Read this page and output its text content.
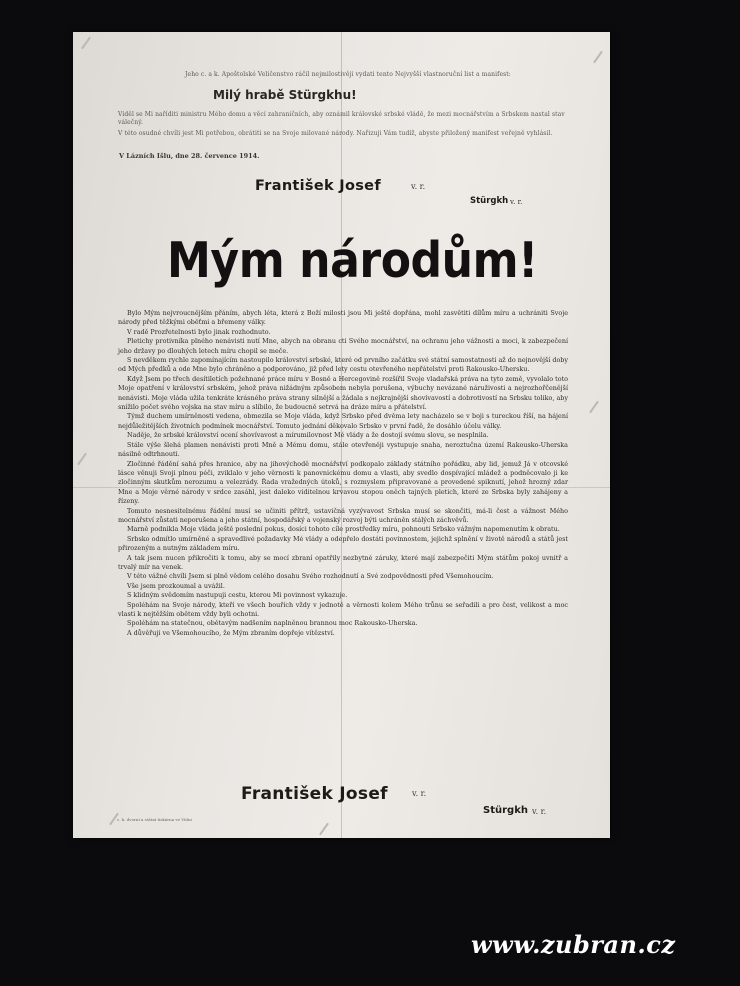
Jeho c. a k. Apoštolské Veličenstvo ráčil nejmilostivěji vydati tento Nejvyšší vlastnoruční list a manifest:
Milý hrabě Stürgkhu!
Viděl se Mi naříditi ministru Mého domu a věcí zahraničních, aby oznámil královské srbské vládě, že mezi mocnářstvím a Srbskem nastal stav válečný.
V této osudné chvíli jest Mi potřebou, obrátiti se na Svoje milované národy. Nařizuji Vám tudíž, abyste přiložený manifest veřejně vyhlásil.
V Lázních Išlu, dne 28. července 1914.
František Josef	v. r.
Stürgkh v. r.
Mým národům!

Bylo Mým nejvroucnějším přáním, abych léta, která z Boží milosti jsou Mi ještě dopřána, mohl zasvětiti dílům míru a uchrániti Svoje národy před těžkými oběťmi a břemeny války.

V radě Prozřetelnosti bylo jinak rozhodnuto.

Pletichy protivníka plného nenávisti nutí Mne, abych na obranu cti Svého mocnářství, na ochranu jeho vážnosti a moci, k zabezpečení jeho državy po dlouhých letech míru chopil se meče.

S nevděkem rychle zapomínajícím nastoupilo království srbské, které od prvního začátku své státní samostatnosti až do nejnovější doby od Mých předků a ode Mne bylo chráněno a podporováno, již před lety cestu otevřeného nepřátelství proti Rakousko-Uhersku.

Když Jsem po třech desítiletích požehnané práce míru v Bosně a Hercegovině rozšířil Svoje vladařská práva na tyto země, vyvolalo toto Moje opatření v království srbském, jehož práva nižádným způsobem nebyla porušena, výbuchy nevázané náruživosti a nejrozhořčenější nenávisti. Moje vláda užila tenkráte krásného práva strany silnější a žádala s nejkrajnější shovívavostí a dobrotivostí na Srbsku toliko, aby snížilo počet svého vojska na stav míru a slíbilo, že budoucně setrvá na dráze míru a přátelství.

Týmž duchem umírněnosti vedena, obmezila se Moje vláda, když Srbsko před dvěma lety nacházelo se v boji s tureckou říší, na hájení nejdůležitějších životních podmínek mocnářství. Tomuto jednání děkovalo Srbsko v první řadě, že dosáhlo účelu války.

Naděje, že srbské království ocení shovívavost a mírumilovnost Mé vlády a že dostojí svému slovu, se nesplnila.

Stále výše šlehá plamen nenávisti proti Mně a Mému domu, stále otevřeněji vystupuje snaha, neroztučna území Rakousko-Uherska násilně odtrhnouti.

Zločinné řádění sahá přes hranice, aby na jihovýchodě mocnářství podkopalo základy státního pořádku, aby lid, jemuž Já v otcovské lásce věnuji Svoji plnou péči, zviklalo v jeho věrnosti k panovnickému domu a vlasti, aby svedlo dospívající mládež a podněcovalo ji ke zločinným skutkům nerozumu a velezrády. Řada vražedných útoků, s rozmyslem připravované a provedené spiknutí, jehož hrozný zdar Mne a Moje věrné národy v srdce zasáhl, jest daleko viditelnou krvavou stopou oněch tajných pletich, které ze Srbska byly zahájeny a řízeny.

Tomuto nesnesitelnému řádění musí se učiniti přítrž, ustavičná vyzývavost Srbska musí se skončiti, má-li čest a vážnost Mého mocnářství zůstati neporušena a jeho státní, hospodářský a vojenský rozvoj býti uchráněn stálých záchvěvů.

Marně podnikla Moje vláda ještě poslední pokus, dosíci tohoto cíle prostředky míru, pohnouti Srbsko vážným napomenutím k obratu.

Srbsko odmítlo umírněné a spravedlivé požadavky Mé vlády a odepřelo dostáti povinnostem, jejichž splnění v životě národů a států jest přirozeným a nutným základem míru.

A tak jsem nucen přikročiti k tomu, aby se mocí zbraní opatřily nezbytné záruky, které mají zabezpečiti Mým státům pokoj uvnitř a trvalý mír na venek.

V této vážné chvíli Jsem si plně vědom celého dosahu Svého rozhodnutí a Své zodpovědnosti před Všemohoucím.

Vše jsem prozkoumal a uvážil.

S klidným svědomím nastupuji cestu, kterou Mi povinnost vykazuje.

Spoléhám na Svoje národy, kteří ve všech bouřích vždy v jednotě a věrnosti kolem Mého trůnu se seřadili a pro čest, velikost a moc vlasti k nejtěžším obětem vždy byli ochotni.

Spoléhám na statečnou, obětavým nadšením naplněnou brannou moc Rakousko-Uherska.

A důvěřuji ve Všemohoucího, že Mým zbraním dopřeje vítězství.

František Josef	v. r.
Stürgkh v. r.
c. k. dvorní a státní tiskárna ve Vídni
www.zubran.cz
